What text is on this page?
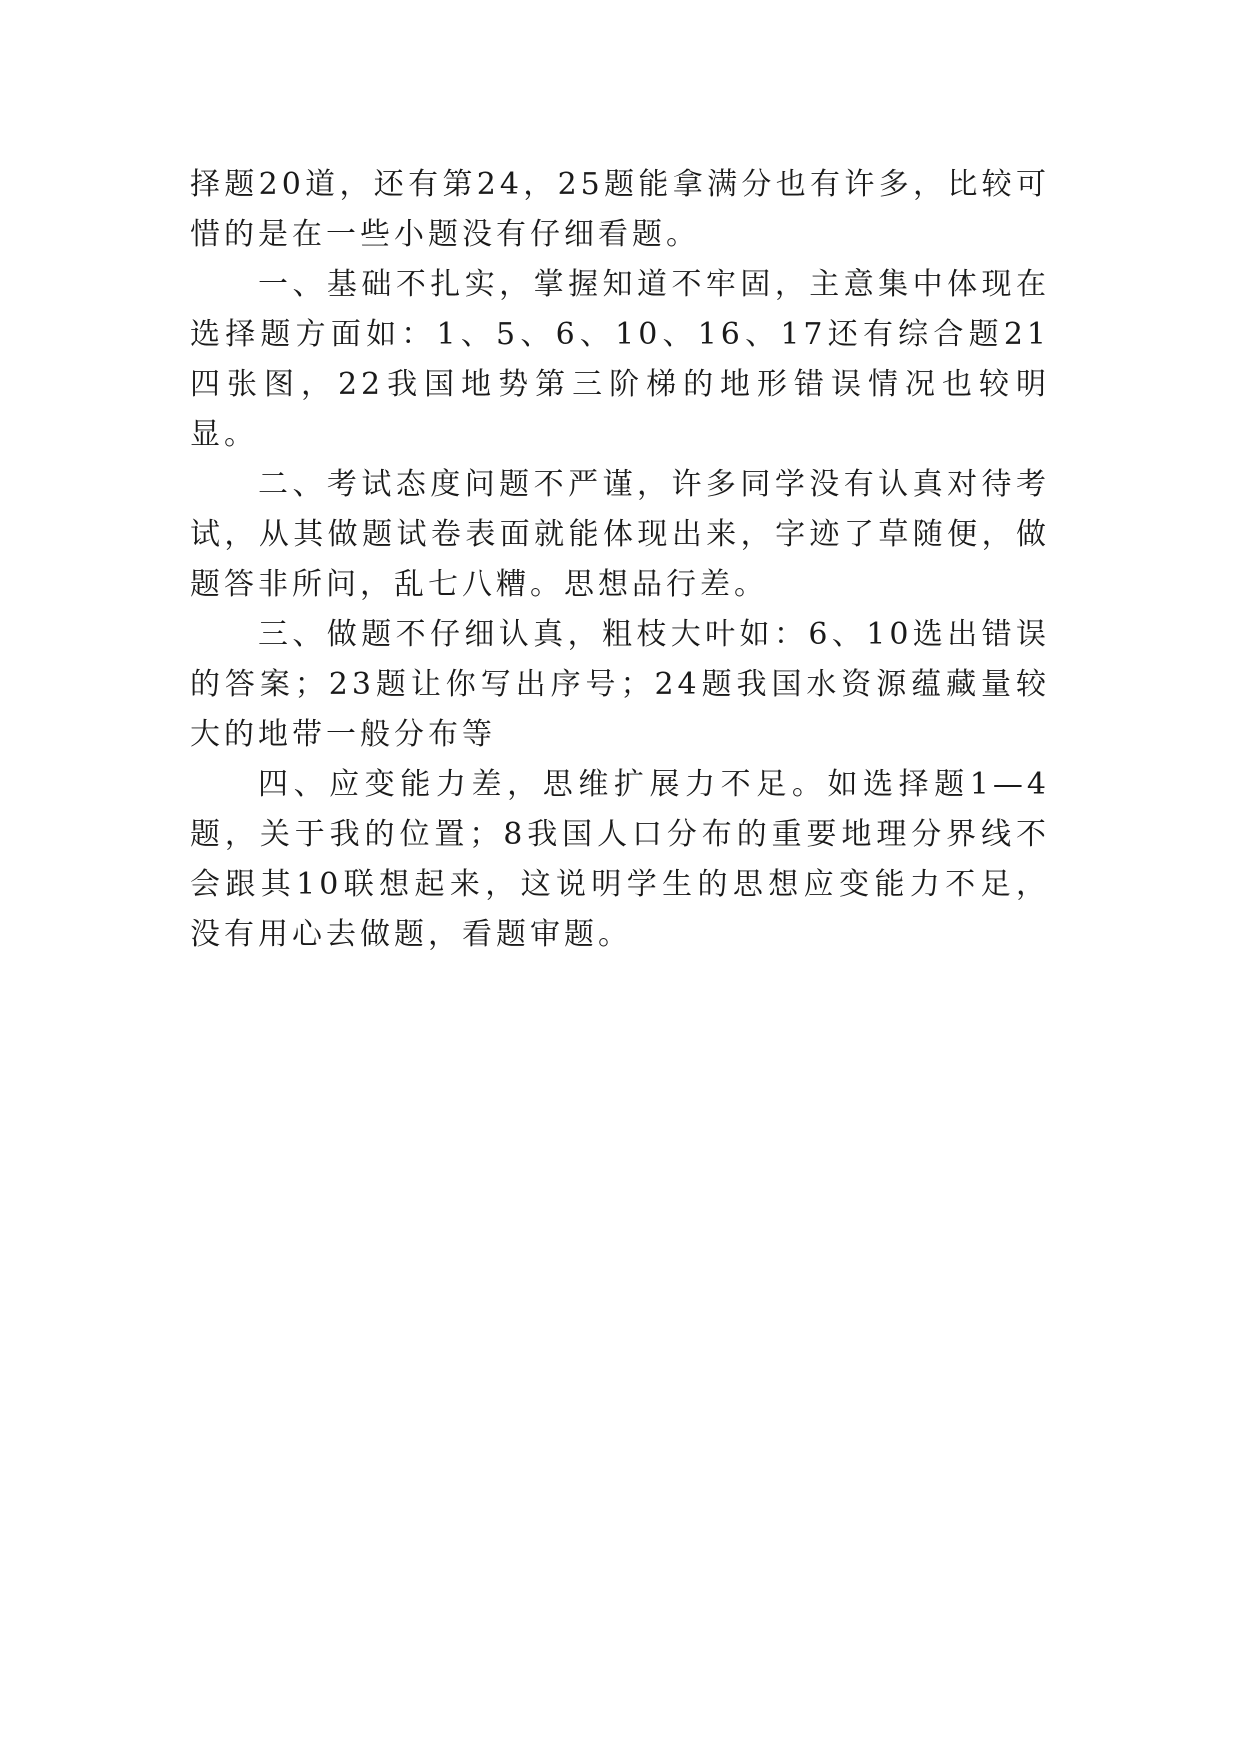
择题20道，还有第24，25题能拿满分也有许多，比较可惜的是在一些小题没有仔细看题。

一、基础不扎实，掌握知道不牢固，主意集中体现在选择题方面如：1、5、6、10、16、17还有综合题21四张图，22我国地势第三阶梯的地形错误情况也较明显。

二、考试态度问题不严谨，许多同学没有认真对待考试，从其做题试卷表面就能体现出来，字迹了草随便，做题答非所问，乱七八糟。思想品行差。

三、做题不仔细认真，粗枝大叶如：6、10选出错误的答案；23题让你写出序号；24题我国水资源蕴藏量较大的地带一般分布等

四、应变能力差，思维扩展力不足。如选择题1—4题，关于我的位置；8我国人口分布的重要地理分界线不会跟其10联想起来，这说明学生的思想应变能力不足，没有用心去做题，看题审题。
